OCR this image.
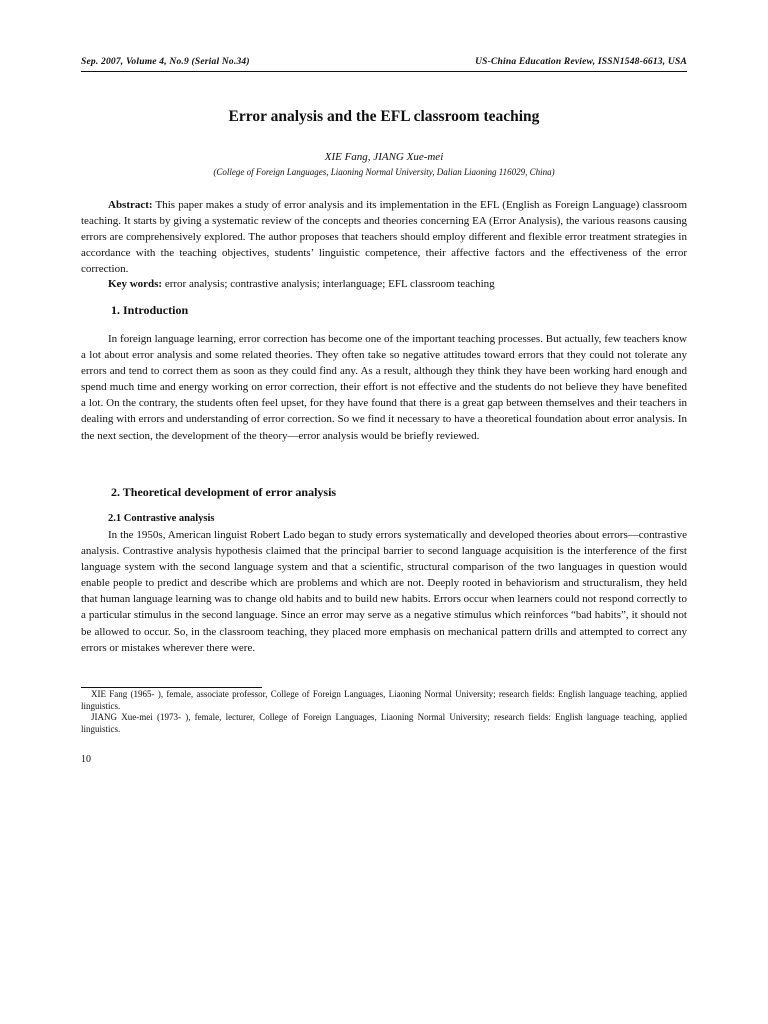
Sep. 2007, Volume 4, No.9 (Serial No.34)	US-China Education Review, ISSN1548-6613, USA
Error analysis and the EFL classroom teaching
XIE Fang, JIANG Xue-mei
(College of Foreign Languages, Liaoning Normal University, Dalian Liaoning 116029, China)

Abstract: This paper makes a study of error analysis and its implementation in the EFL (English as Foreign Language) classroom teaching. It starts by giving a systematic review of the concepts and theories concerning EA (Error Analysis), the various reasons causing errors are comprehensively explored. The author proposes that teachers should employ different and flexible error treatment strategies in accordance with the teaching objectives, students’ linguistic competence, their affective factors and the effectiveness of the error correction.

Key words: error analysis; contrastive analysis; interlanguage; EFL classroom teaching

1. Introduction

In foreign language learning, error correction has become one of the important teaching processes. But actually, few teachers know a lot about error analysis and some related theories. They often take so negative attitudes toward errors that they could not tolerate any errors and tend to correct them as soon as they could find any. As a result, although they think they have been working hard enough and spend much time and energy working on error correction, their effort is not effective and the students do not believe they have benefited a lot. On the contrary, the students often feel upset, for they have found that there is a great gap between themselves and their teachers in dealing with errors and understanding of error correction. So we find it necessary to have a theoretical foundation about error analysis. In the next section, the development of the theory—error analysis would be briefly reviewed.

2. Theoretical development of error analysis
2.1 Contrastive analysis

In the 1950s, American linguist Robert Lado began to study errors systematically and developed theories about errors—contrastive analysis. Contrastive analysis hypothesis claimed that the principal barrier to second language acquisition is the interference of the first language system with the second language system and that a scientific, structural comparison of the two languages in question would enable people to predict and describe which are problems and which are not. Deeply rooted in behaviorism and structuralism, they held that human language learning was to change old habits and to build new habits. Errors occur when learners could not respond correctly to a particular stimulus in the second language. Since an error may serve as a negative stimulus which reinforces “bad habits”, it should not be allowed to occur. So, in the classroom teaching, they placed more emphasis on mechanical pattern drills and attempted to correct any errors or mistakes wherever there were.

XIE Fang (1965- ), female, associate professor, College of Foreign Languages, Liaoning Normal University; research fields: English language teaching, applied linguistics.

JIANG Xue-mei (1973- ), female, lecturer, College of Foreign Languages, Liaoning Normal University; research fields: English language teaching, applied linguistics.

10
